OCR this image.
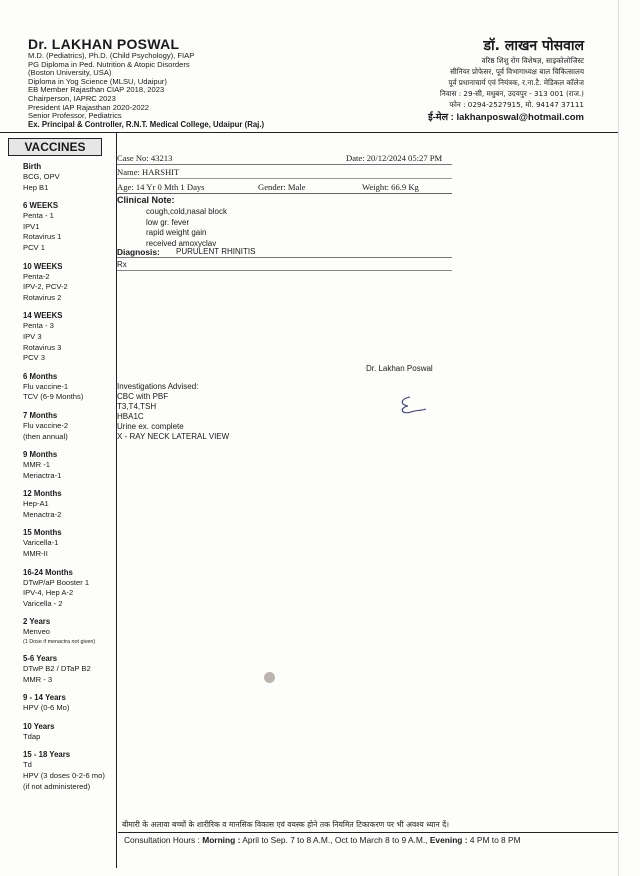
Dr. LAKHAN POSWAL
M.D. (Pediatrics), Ph.D. (Child Psychology), FIAP
PG Diploma in Ped. Nutrition & Atopic Disorders
(Boston University, USA)
Diploma in Yog Science (MLSU, Udaipur)
EB Member Rajasthan CIAP 2018, 2023
Chairperson, IAPRC 2023
President IAP Rajasthan 2020-2022
Senior Professor, Pediatrics
Ex. Principal & Controller, R.N.T. Medical College, Udaipur (Raj.)
डॉ. लाखन पोसवाल
वरिष्ठ शिशु रोग विशेषज्ञ, साइकोलोजिस्ट
सीनियर प्रोफेसर, पूर्व विभागाध्यक्ष बाल चिकित्सालय
पूर्व प्रधानाचार्य एवं नियंत्रक, र.ना.टै. मेडिकल कॉलेज
निवास : 29-सी, मधुबन, उदयपुर - 313 001 (राज.)
फोन : 0294-2527915, मो. 94147 37111
ई-मेल : lakhanposwal@hotmail.com
VACCINES
Birth
BCG, OPV
Hep B1
6 WEEKS
Penta - 1
IPV1
Rotavirus 1
PCV 1
10 WEEKS
Penta-2
IPV-2, PCV-2
Rotavirus 2
14 WEEKS
Penta - 3
IPV 3
Rotavirus 3
PCV 3
6 Months
Flu vaccine-1
TCV (6-9 Months)
7 Months
Flu vaccine-2
(then annual)
9 Months
MMR -1
Meriactra-1
12 Months
Hep-A1
Menactra-2
15 Months
Varicella-1
MMR-II
16-24 Months
DTwP/aP Booster 1
IPV-4, Hep A-2
Varicella - 2
2 Years
Menveo
(1 Dose if menactra not given)
5-6 Years
DTwP B2 / DTaP B2
MMR - 3
9 - 14 Years
HPV (0-6 Mo)
10 Years
Tdap
15 - 18 Years
Td
HPV (3 doses 0-2-6 mo)
(if not administered)
Case No: 43213	Date: 20/12/2024 05:27 PM
Name: HARSHIT
Age: 14 Yr 0 Mth 1 Days	Gender: Male	Weight: 66.9 Kg
Clinical Note:
cough,cold,nasal block
low gr. fever
rapid weight gain
received amoxyclav
Diagnosis: PURULENT RHINITIS
Rx
Dr. Lakhan Poswal
Investigations Advised:
CBC with PBF
T3,T4,TSH
HBA1C
Urine ex. complete
X - RAY NECK LATERAL VIEW
बीमारी के अलावा बच्चों के शारीरिक व मानसिक विकास एवं वयस्क होने तक नियमित टिकाकरण पर भी अवश्य ध्यान दें।
Consultation Hours : Morning : April to Sep. 7 to 8 A.M., Oct to March 8 to 9 A.M., Evening : 4 PM to 8 PM
